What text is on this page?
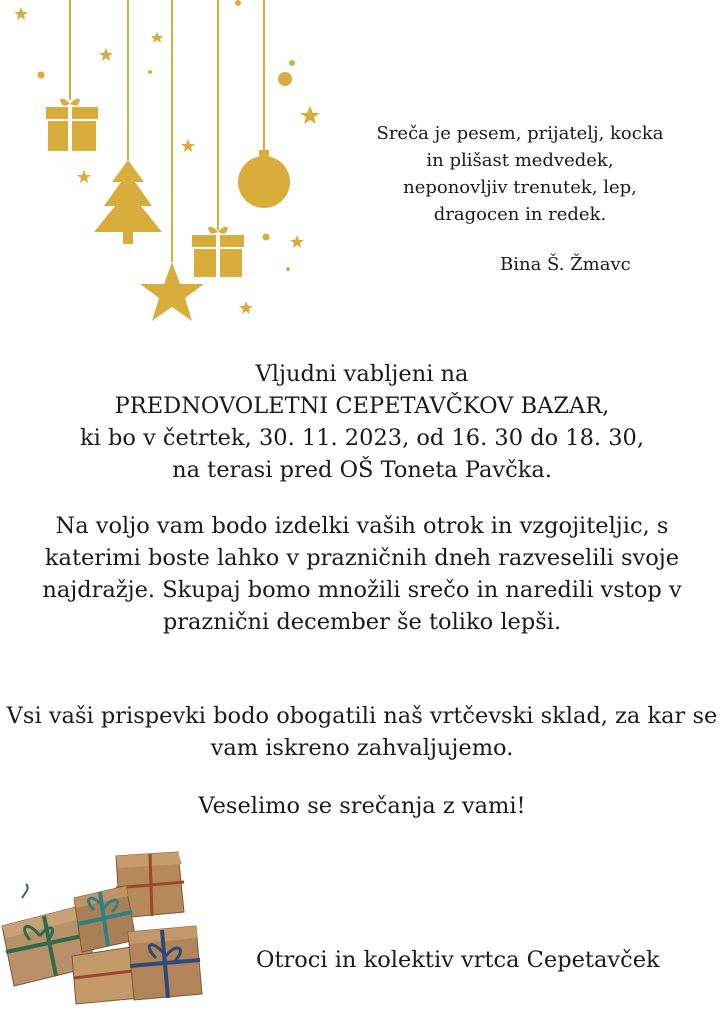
Sreča je pesem, prijatelj, kocka
in plišast medvedek,
neponovljiv trenutek, lep,
dragocen in redek.
Bina Š. Žmavc
Vljudni vabljeni na
PREDNOVOLETNI CEPETAVČKOV BAZAR,
ki bo v četrtek, 30. 11. 2023, od 16. 30 do 18. 30,
na terasi pred OŠ Toneta Pavčka.
Na voljo vam bodo izdelki vaših otrok in vzgojiteljic, s
katerimi boste lahko v prazničnih dneh razveselili svoje
najdražje. Skupaj bomo množili srečo in naredili vstop v
praznični december še toliko lepši.
Vsi vaši prispevki bodo obogatili naš vrtčevski sklad, za kar se
vam iskreno zahvaljujemo.
Veselimo se srečanja z vami!
Otroci in kolektiv vrtca Cepetavček
